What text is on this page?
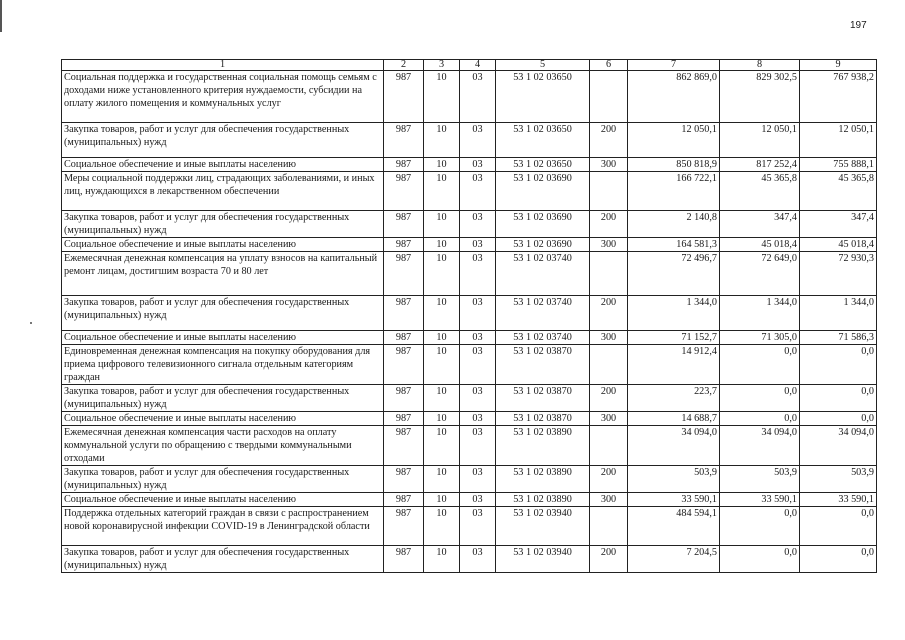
197
1	2	3	4	5	6	7	8	9
Социальная поддержка и государственная социальная помощь семьям с доходами ниже установленного критерия нуждаемости, субсидии на оплату жилого помещения и коммунальных услуг	987	10	03	53 1 02 03650		862 869,0	829 302,5	767 938,2
Закупка товаров, работ и услуг для обеспечения государственных (муниципальных) нужд	987	10	03	53 1 02 03650	200	12 050,1	12 050,1	12 050,1
Социальное обеспечение и иные выплаты населению	987	10	03	53 1 02 03650	300	850 818,9	817 252,4	755 888,1
Меры социальной поддержки лиц, страдающих заболеваниями, и иных лиц, нуждающихся в лекарственном обеспечении	987	10	03	53 1 02 03690		166 722,1	45 365,8	45 365,8
Закупка товаров, работ и услуг для обеспечения государственных (муниципальных) нужд	987	10	03	53 1 02 03690	200	2 140,8	347,4	347,4
Социальное обеспечение и иные выплаты населению	987	10	03	53 1 02 03690	300	164 581,3	45 018,4	45 018,4
Ежемесячная денежная компенсация на уплату взносов на капитальный ремонт лицам, достигшим возраста 70 и 80 лет	987	10	03	53 1 02 03740		72 496,7	72 649,0	72 930,3
Закупка товаров, работ и услуг для обеспечения государственных (муниципальных) нужд	987	10	03	53 1 02 03740	200	1 344,0	1 344,0	1 344,0
Социальное обеспечение и иные выплаты населению	987	10	03	53 1 02 03740	300	71 152,7	71 305,0	71 586,3
Единовременная денежная компенсация на покупку оборудования для приема цифрового телевизионного сигнала отдельным категориям граждан	987	10	03	53 1 02 03870		14 912,4	0,0	0,0
Закупка товаров, работ и услуг для обеспечения государственных (муниципальных) нужд	987	10	03	53 1 02 03870	200	223,7	0,0	0,0
Социальное обеспечение и иные выплаты населению	987	10	03	53 1 02 03870	300	14 688,7	0,0	0,0
Ежемесячная денежная компенсация части расходов на оплату коммунальной услуги по обращению с твердыми коммунальными отходами	987	10	03	53 1 02 03890		34 094,0	34 094,0	34 094,0
Закупка товаров, работ и услуг для обеспечения государственных (муниципальных) нужд	987	10	03	53 1 02 03890	200	503,9	503,9	503,9
Социальное обеспечение и иные выплаты населению	987	10	03	53 1 02 03890	300	33 590,1	33 590,1	33 590,1
Поддержка отдельных категорий граждан в связи с распространением новой коронавирусной инфекции COVID-19 в Ленинградской области	987	10	03	53 1 02 03940		484 594,1	0,0	0,0
Закупка товаров, работ и услуг для обеспечения государственных (муниципальных) нужд	987	10	03	53 1 02 03940	200	7 204,5	0,0	0,0
